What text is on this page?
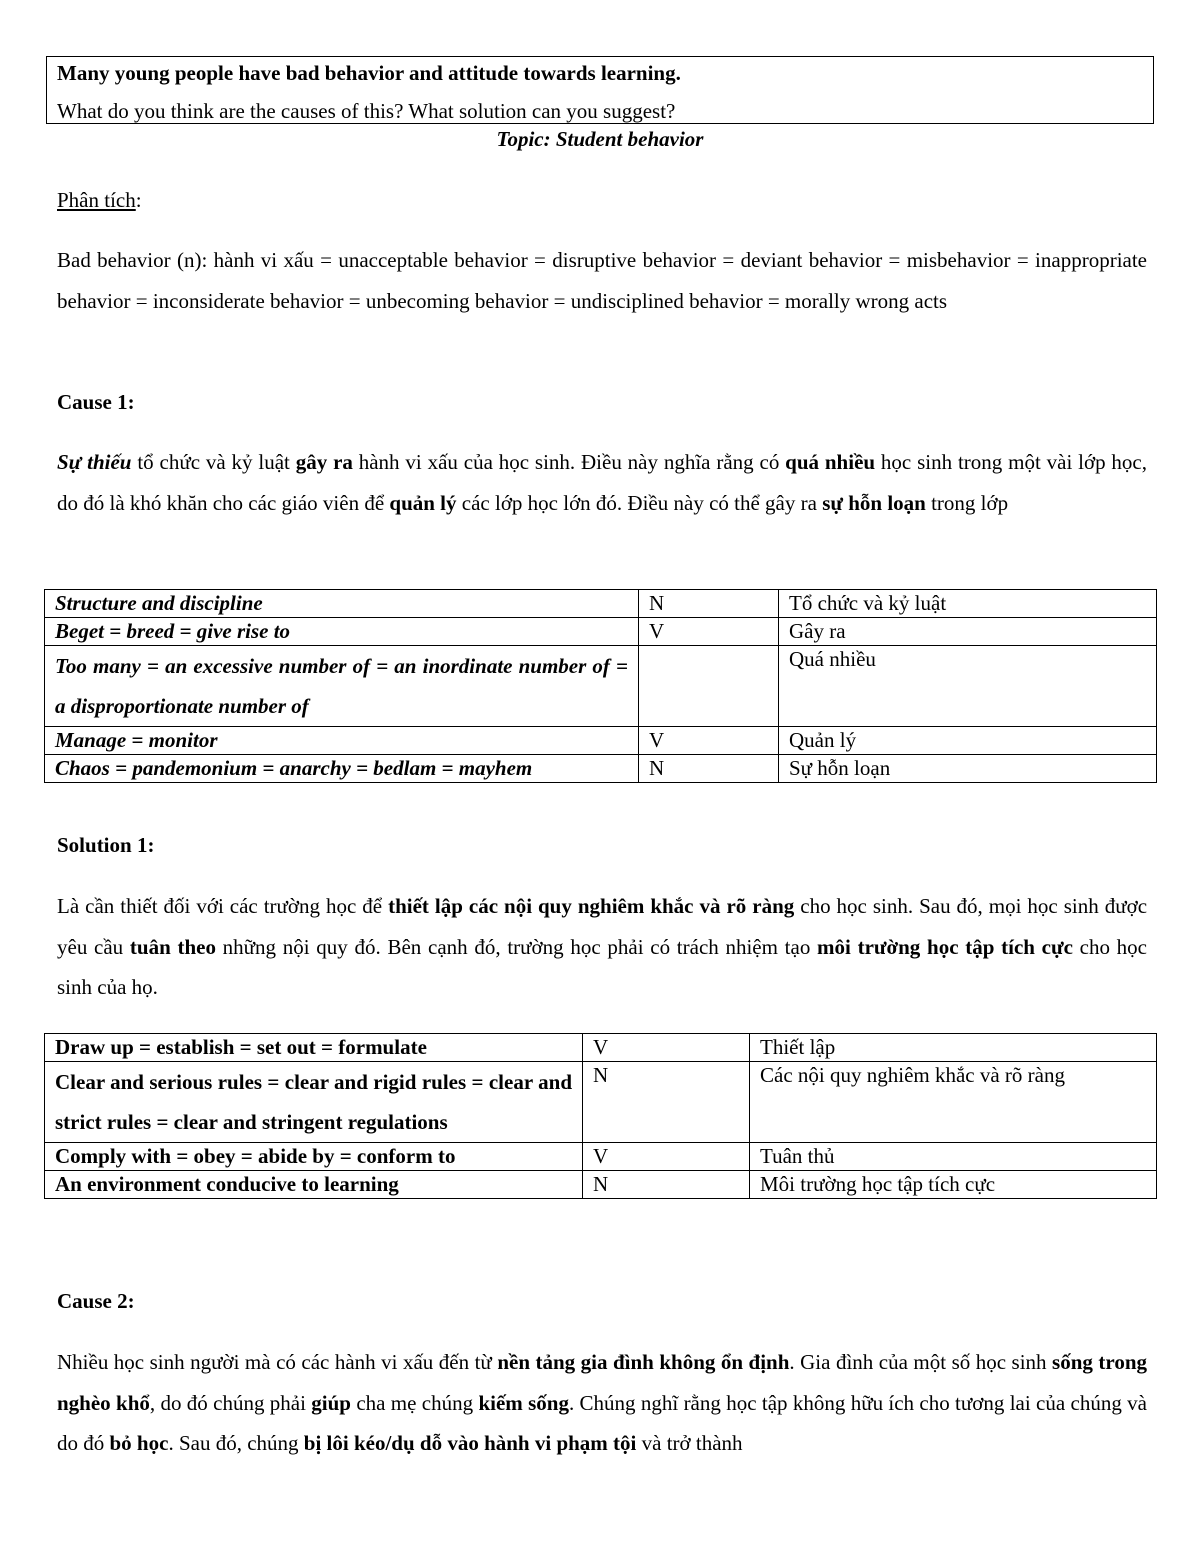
Many young people have bad behavior and attitude towards learning.
What do you think are the causes of this? What solution can you suggest?
Topic: Student behavior
Phân tích:
Bad behavior (n): hành vi xấu = unacceptable behavior = disruptive behavior = deviant behavior = misbehavior = inappropriate behavior = inconsiderate behavior = unbecoming behavior = undisciplined behavior = morally wrong acts
Cause 1:
Sự thiếu tổ chức và kỷ luật gây ra hành vi xấu của học sinh. Điều này nghĩa rằng có quá nhiều học sinh trong một vài lớp học, do đó là khó khăn cho các giáo viên để quản lý các lớp học lớn đó. Điều này có thể gây ra sự hỗn loạn trong lớp
Structure and discipline	N	Tổ chức và kỷ luật
Beget = breed = give rise to	V	Gây ra
Too many = an excessive number of = an inordinate number of = a disproportionate number of		Quá nhiều
Manage = monitor	V	Quản lý
Chaos = pandemonium = anarchy = bedlam = mayhem	N	Sự hỗn loạn
Solution 1:
Là cần thiết đối với các trường học để thiết lập các nội quy nghiêm khắc và rõ ràng cho học sinh. Sau đó, mọi học sinh được yêu cầu tuân theo những nội quy đó. Bên cạnh đó, trường học phải có trách nhiệm tạo môi trường học tập tích cực cho học sinh của họ.
Draw up = establish = set out = formulate	V	Thiết lập
Clear and serious rules = clear and rigid rules = clear and strict rules = clear and stringent regulations	N	Các nội quy nghiêm khắc và rõ ràng
Comply with = obey = abide by = conform to	V	Tuân thủ
An environment conducive to learning	N	Môi trường học tập tích cực
Cause 2:
Nhiều học sinh người mà có các hành vi xấu đến từ nền tảng gia đình không ổn định. Gia đình của một số học sinh sống trong nghèo khổ, do đó chúng phải giúp cha mẹ chúng kiếm sống. Chúng nghĩ rằng học tập không hữu ích cho tương lai của chúng và do đó bỏ học. Sau đó, chúng bị lôi kéo/dụ dỗ vào hành vi phạm tội và trở thành
